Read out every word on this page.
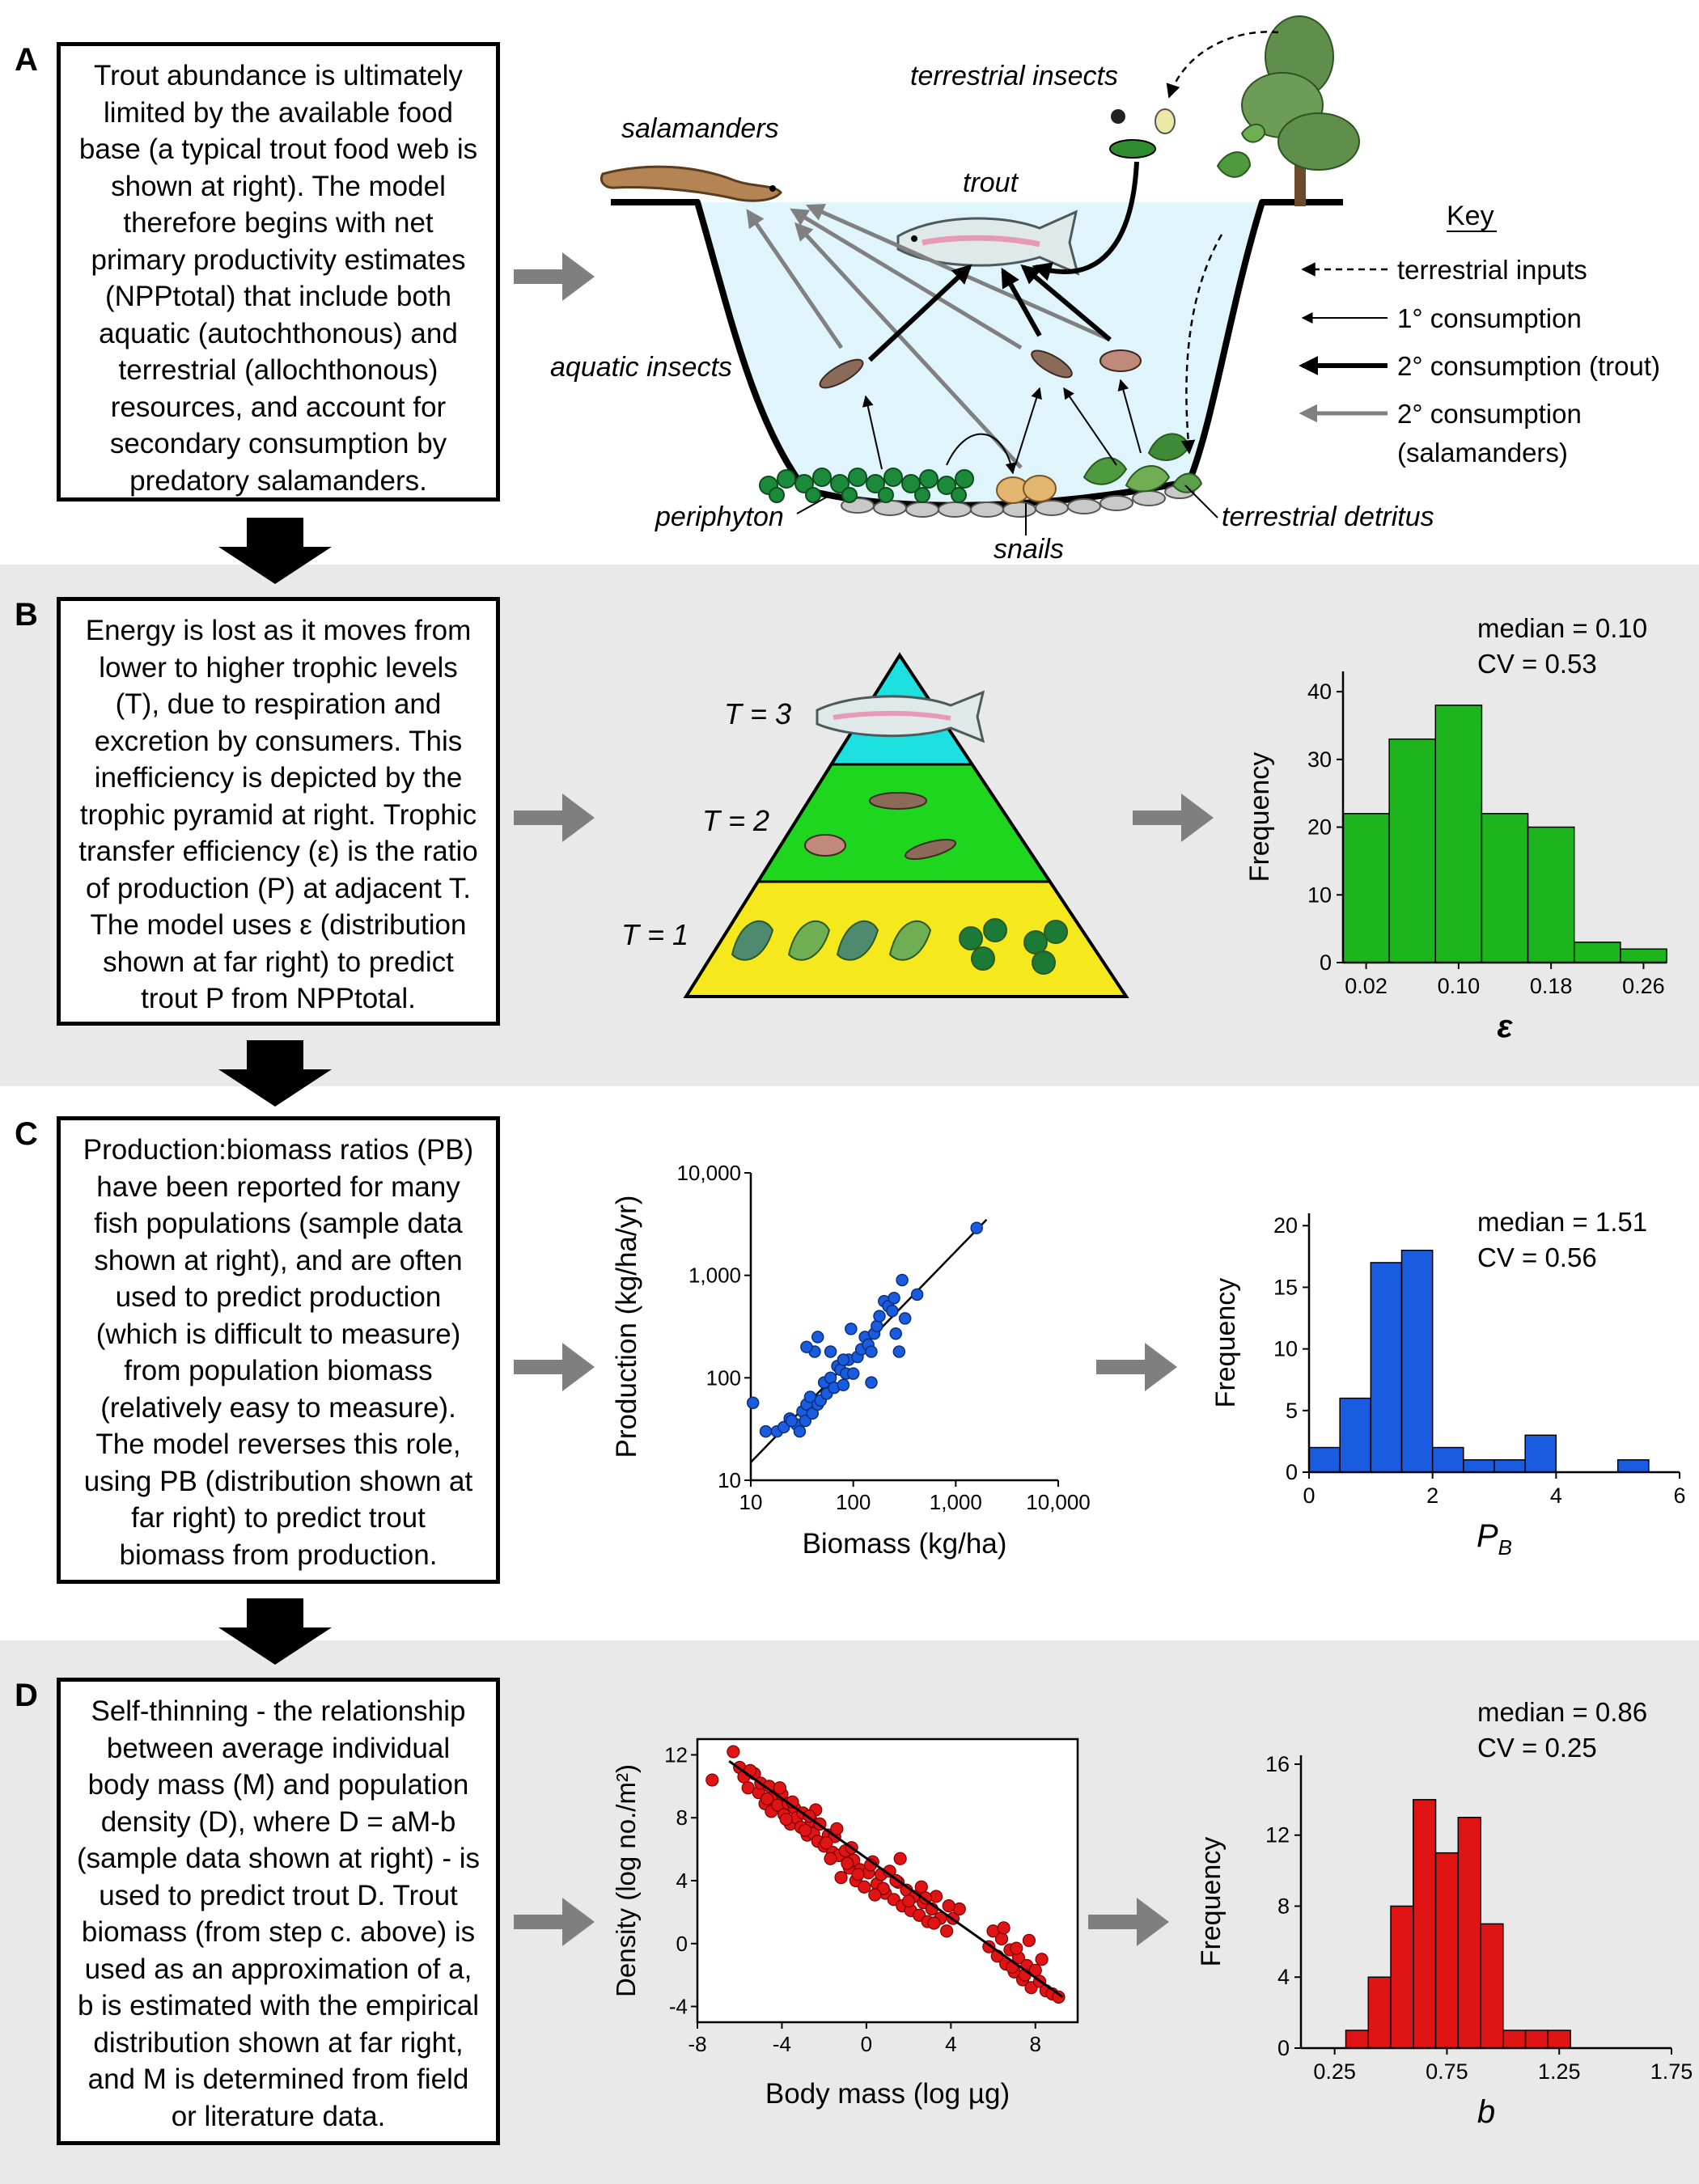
A
B
C
D

Trout abundance is ultimately limited by the available food base (a typical trout food web is shown at right). The model therefore begins with net primary productivity estimates (NPPtotal) that include both aquatic (autochthonous) and terrestrial (allochthonous) resources, and account for secondary consumption by predatory salamanders.

Energy is lost as it moves from lower to higher trophic levels (T), due to respiration and excretion by consumers. This inefficiency is depicted by the trophic pyramid at right. Trophic transfer efficiency (ε) is the ratio of production (P) at adjacent T. The model uses ε (distribution shown at far right) to predict trout P from NPPtotal.

Production:biomass ratios (PB) have been reported for many fish populations (sample data shown at right), and are often used to predict production (which is difficult to measure) from population biomass (relatively easy to measure). The model reverses this role, using PB (distribution shown at far right) to predict trout biomass from production.

Self-thinning - the relationship between average individual body mass (M) and population density (D), where D = aM-b (sample data shown at right) - is used to predict trout D. Trout biomass (from step c. above) is used as an approximation of a, b is estimated with the empirical distribution shown at far right, and M is determined from field or literature data.

terrestrial insects
salamanders
trout
aquatic insects
periphyton
snails
terrestrial detritus
Key
terrestrial inputs
1° consumption
2° consumption (trout)
2° consumption
(salamanders)
T = 3
T = 2
T = 1
0
10
20
30
40
0.02 0.10 0.18 0.26
Frequency
ε
median = 0.10
CV = 0.53
0
5
10
15
20
0	2	4	6
Frequency
$P_B$
median = 1.51
CV = 0.56
0
4
8
12
16
0.25	0.75	1.25	1.75
Frequency
b
median = 0.86
CV = 0.25
10
10
100
100
1,000
1,000
10,000
10,000
Production (kg/ha/yr)
Biomass (kg/ha)
-8	-4	0	4	8
-4
0
4
8
12
Density (log no./m²)
Body mass (log µg)
